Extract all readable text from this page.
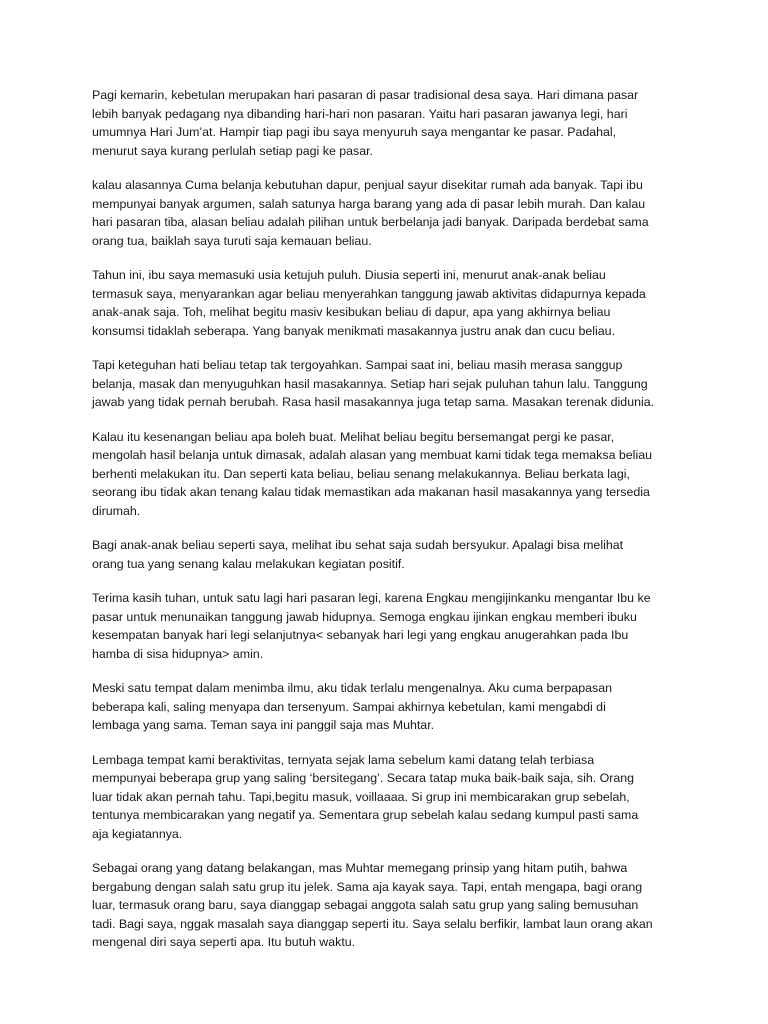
Pagi kemarin, kebetulan merupakan hari pasaran di pasar tradisional desa saya. Hari dimana pasar
lebih banyak pedagang nya dibanding hari-hari non pasaran. Yaitu hari pasaran jawanya legi, hari
umumnya Hari Jum’at. Hampir tiap pagi ibu saya menyuruh saya mengantar ke pasar. Padahal,
menurut saya kurang perlulah setiap pagi ke pasar.

kalau alasannya Cuma belanja kebutuhan dapur, penjual sayur disekitar rumah ada banyak. Tapi ibu
mempunyai banyak argumen, salah satunya harga barang yang ada di pasar lebih murah. Dan kalau
hari pasaran tiba, alasan beliau adalah pilihan untuk berbelanja jadi banyak. Daripada berdebat sama
orang tua, baiklah saya turuti saja kemauan beliau.

Tahun ini, ibu saya memasuki usia ketujuh puluh. Diusia seperti ini, menurut anak-anak beliau
termasuk saya, menyarankan agar beliau menyerahkan tanggung jawab aktivitas didapurnya kepada
anak-anak saja. Toh, melihat begitu masiv kesibukan beliau di dapur, apa yang akhirnya beliau
konsumsi tidaklah seberapa. Yang banyak menikmati masakannya justru anak dan cucu beliau.

Tapi keteguhan hati beliau tetap tak tergoyahkan. Sampai saat ini, beliau masih merasa sanggup
belanja, masak dan menyuguhkan hasil masakannya. Setiap hari sejak puluhan tahun lalu. Tanggung
jawab yang tidak pernah berubah. Rasa hasil masakannya juga tetap sama. Masakan terenak didunia.

Kalau itu kesenangan beliau apa boleh buat. Melihat beliau begitu bersemangat pergi ke pasar,
mengolah hasil belanja untuk dimasak, adalah alasan yang membuat kami tidak tega memaksa beliau
berhenti melakukan itu. Dan seperti kata beliau, beliau senang melakukannya. Beliau berkata lagi,
seorang ibu tidak akan tenang kalau tidak memastikan ada makanan hasil masakannya yang tersedia
dirumah.

Bagi anak-anak beliau seperti saya, melihat ibu sehat saja sudah bersyukur. Apalagi bisa melihat
orang tua yang senang kalau melakukan kegiatan positif.

Terima kasih tuhan, untuk satu lagi hari pasaran legi, karena Engkau mengijinkanku mengantar Ibu ke
pasar untuk menunaikan tanggung jawab hidupnya. Semoga engkau ijinkan engkau memberi ibuku
kesempatan banyak hari legi selanjutnya< sebanyak hari legi yang engkau anugerahkan pada Ibu
hamba di sisa hidupnya> amin.

Meski satu tempat dalam menimba ilmu, aku tidak terlalu mengenalnya. Aku cuma berpapasan
beberapa kali, saling menyapa dan tersenyum. Sampai akhirnya kebetulan, kami mengabdi di
lembaga yang sama. Teman saya ini panggil saja mas Muhtar.

Lembaga tempat kami beraktivitas, ternyata sejak lama sebelum kami datang telah terbiasa
mempunyai beberapa grup yang saling ‘bersitegang’. Secara tatap muka baik-baik saja, sih. Orang
luar tidak akan pernah tahu. Tapi,begitu masuk, voillaaaa. Si grup ini membicarakan grup sebelah,
tentunya membicarakan yang negatif ya. Sementara grup sebelah kalau sedang kumpul pasti sama
aja kegiatannya.

Sebagai orang yang datang belakangan, mas Muhtar memegang prinsip yang hitam putih, bahwa
bergabung dengan salah satu grup itu jelek. Sama aja kayak saya. Tapi, entah mengapa, bagi orang
luar, termasuk orang baru, saya dianggap sebagai anggota salah satu grup yang saling bemusuhan
tadi. Bagi saya, nggak masalah saya dianggap seperti itu. Saya selalu berfikir, lambat laun orang akan
mengenal diri saya seperti apa. Itu butuh waktu.
